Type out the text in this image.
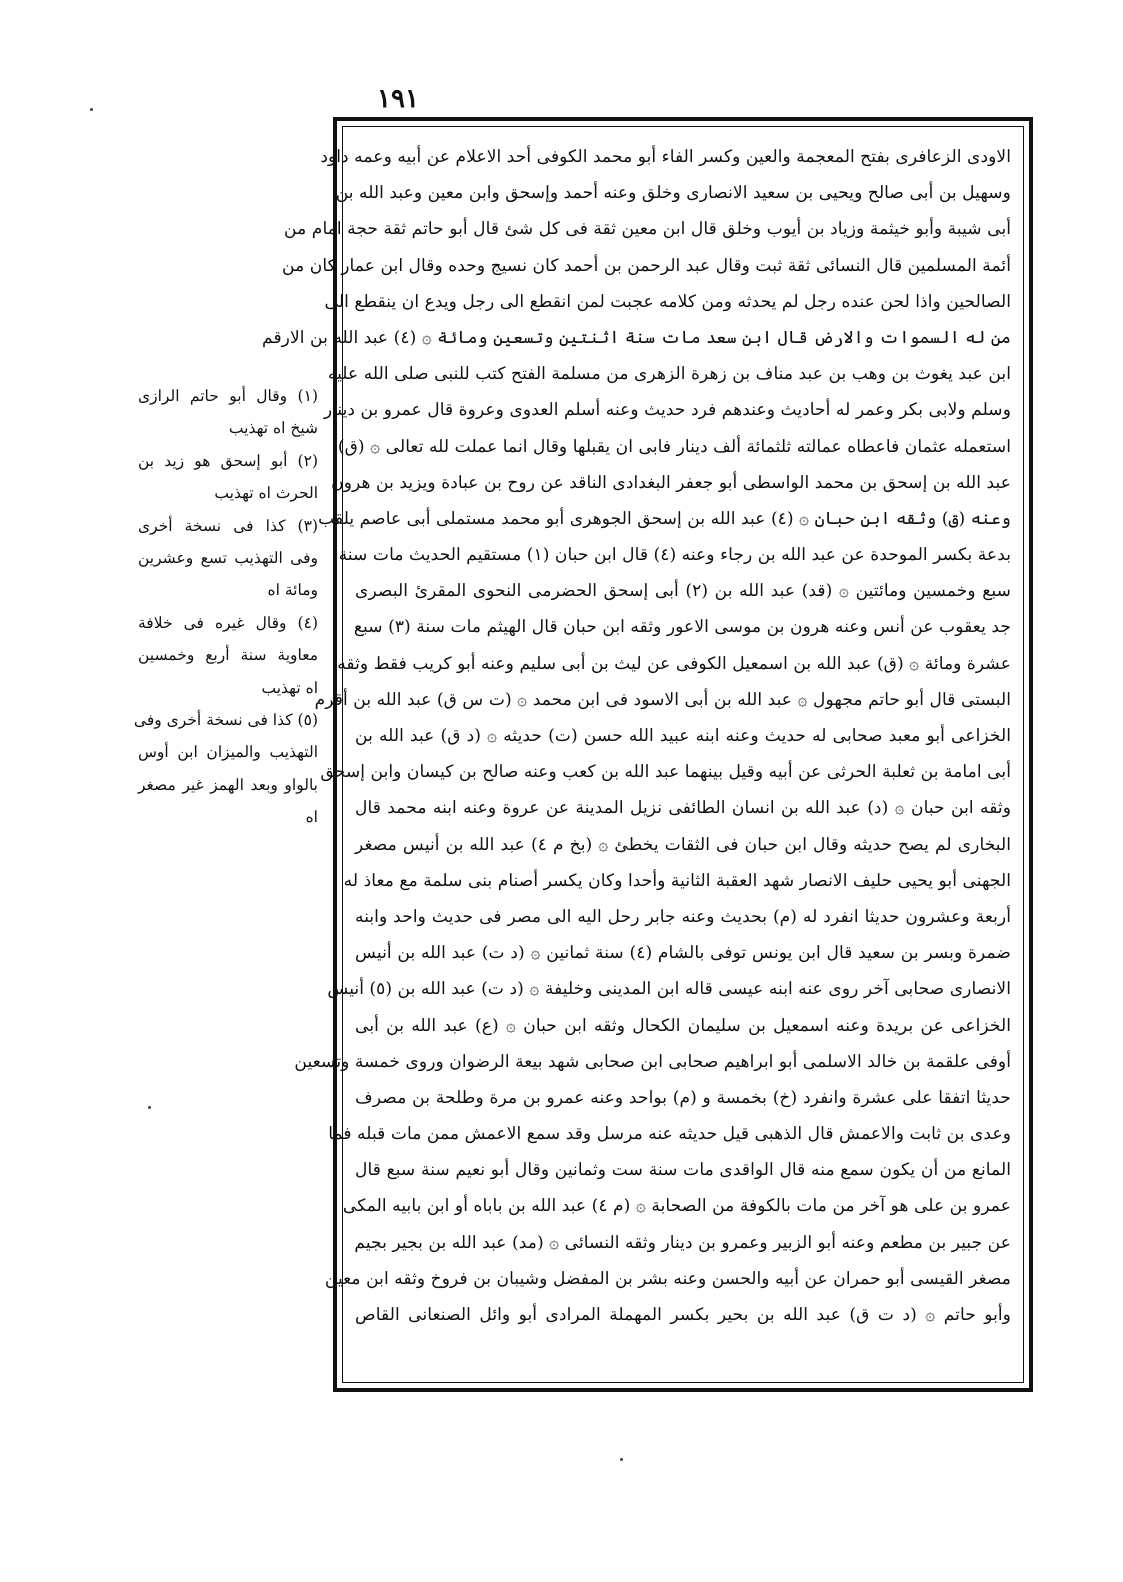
١٩١
(١) وقال أبو حاتم الرازى
شيخ اه تهذيب
(٢) أبو إسحق هو زيد بن
الحرث اه تهذيب
(٣) كذا فى نسخة أخرى
وفى التهذيب تسع وعشرين
ومائة اه
(٤) وقال غيره فى خلافة
معاوية سنة أربع وخمسين
اه تهذيب
(٥) كذا فى نسخة أخرى وفى
التهذيب والميزان ابن أوس
بالواو وبعد الهمز غير مصغر
اه
الاودى الزعافرى بفتح المعجمة والعين وكسر الفاء أبو محمد الكوفى أحد الاعلام عن أبيه وعمه داود
وسهيل بن أبى صالح ويحيى بن سعيد الانصارى وخلق وعنه أحمد وإسحق وابن معين وعبد الله بن
أبى شيبة وأبو خيثمة وزياد بن أيوب وخلق قال ابن معين ثقة فى كل شئ قال أبو حاتم ثقة حجة امام من
أئمة المسلمين قال النسائى ثقة ثبت وقال عبد الرحمن بن أحمد كان نسيج وحده وقال ابن عمار كان من
الصالحين واذا لحن عنده رجل لم يحدثه ومن كلامه عجبت لمن انقطع الى رجل ويدع ان ينقطع الى
من له السموات والارض قال ابن سعد مات سنة اثنتين وتسعين ومائة ۞ (٤) عبد الله بن الارقم
ابن عبد يغوث بن وهب بن عبد مناف بن زهرة الزهرى من مسلمة الفتح كتب للنبى صلى الله عليه
وسلم ولابى بكر وعمر له أحاديث وعندهم فرد حديث وعنه أسلم العدوى وعروة قال عمرو بن دينار
استعمله عثمان فاعطاه عمالته ثلثمائة ألف دينار فابى ان يقبلها وقال انما عملت لله تعالى ۞ (ق)
عبد الله بن إسحق بن محمد الواسطى أبو جعفر البغدادى الناقد عن روح بن عبادة ويزيد بن هرون
وعنه (ق) وثقه ابن حبان ۞ (٤) عبد الله بن إسحق الجوهرى أبو محمد مستملى أبى عاصم يلقب
بدعة بكسر الموحدة عن عبد الله بن رجاء وعنه (٤) قال ابن حبان (١) مستقيم الحديث مات سنة
سبع وخمسين ومائتين ۞ (قد) عبد الله بن (٢) أبى إسحق الحضرمى النحوى المقرئ البصرى
جد يعقوب عن أنس وعنه هرون بن موسى الاعور وثقه ابن حبان قال الهيثم مات سنة (٣) سبع
عشرة ومائة ۞ (ق) عبد الله بن اسمعيل الكوفى عن ليث بن أبى سليم وعنه أبو كريب فقط وثقه
البستى قال أبو حاتم مجهول ۞ عبد الله بن أبى الاسود فى ابن محمد ۞ (ت س ق) عبد الله بن أقرم
الخزاعى أبو معبد صحابى له حديث وعنه ابنه عبيد الله حسن (ت) حديثه ۞ (د ق) عبد الله بن
أبى امامة بن ثعلبة الحرثى عن أبيه وقيل بينهما عبد الله بن كعب وعنه صالح بن كيسان وابن إسحق
وثقه ابن حبان ۞ (د) عبد الله بن انسان الطائفى نزيل المدينة عن عروة وعنه ابنه محمد قال
البخارى لم يصح حديثه وقال ابن حبان فى الثقات يخطئ ۞ (بخ م ٤) عبد الله بن أنيس مصغر
الجهنى أبو يحيى حليف الانصار شهد العقبة الثانية وأحدا وكان يكسر أصنام بنى سلمة مع معاذ له
أربعة وعشرون حديثا انفرد له (م) بحديث وعنه جابر رحل اليه الى مصر فى حديث واحد وابنه
ضمرة وبسر بن سعيد قال ابن يونس توفى بالشام (٤) سنة ثمانين ۞ (د ت) عبد الله بن أنيس
الانصارى صحابى آخر روى عنه ابنه عيسى قاله ابن المدينى وخليفة ۞ (د ت) عبد الله بن (٥) أنيس
الخزاعى عن بريدة وعنه اسمعيل بن سليمان الكحال وثقه ابن حبان ۞ (ع) عبد الله بن أبى
أوفى علقمة بن خالد الاسلمى أبو ابراهيم صحابى ابن صحابى شهد بيعة الرضوان وروى خمسة وتسعين
حديثا اتفقا على عشرة وانفرد (خ) بخمسة و (م) بواحد وعنه عمرو بن مرة وطلحة بن مصرف
وعدى بن ثابت والاعمش قال الذهبى قيل حديثه عنه مرسل وقد سمع الاعمش ممن مات قبله فما
المانع من أن يكون سمع منه قال الواقدى مات سنة ست وثمانين وقال أبو نعيم سنة سبع قال
عمرو بن على هو آخر من مات بالكوفة من الصحابة ۞ (م ٤) عبد الله بن باباه أو ابن بابيه المكى
عن جبير بن مطعم وعنه أبو الزبير وعمرو بن دينار وثقه النسائى ۞ (مد) عبد الله بن بجير بجيم
مصغر القيسى أبو حمران عن أبيه والحسن وعنه بشر بن المفضل وشيبان بن فروخ وثقه ابن معين
وأبو حاتم ۞ (د ت ق) عبد الله بن بحير بكسر المهملة المرادى أبو وائل الصنعانى القاص
